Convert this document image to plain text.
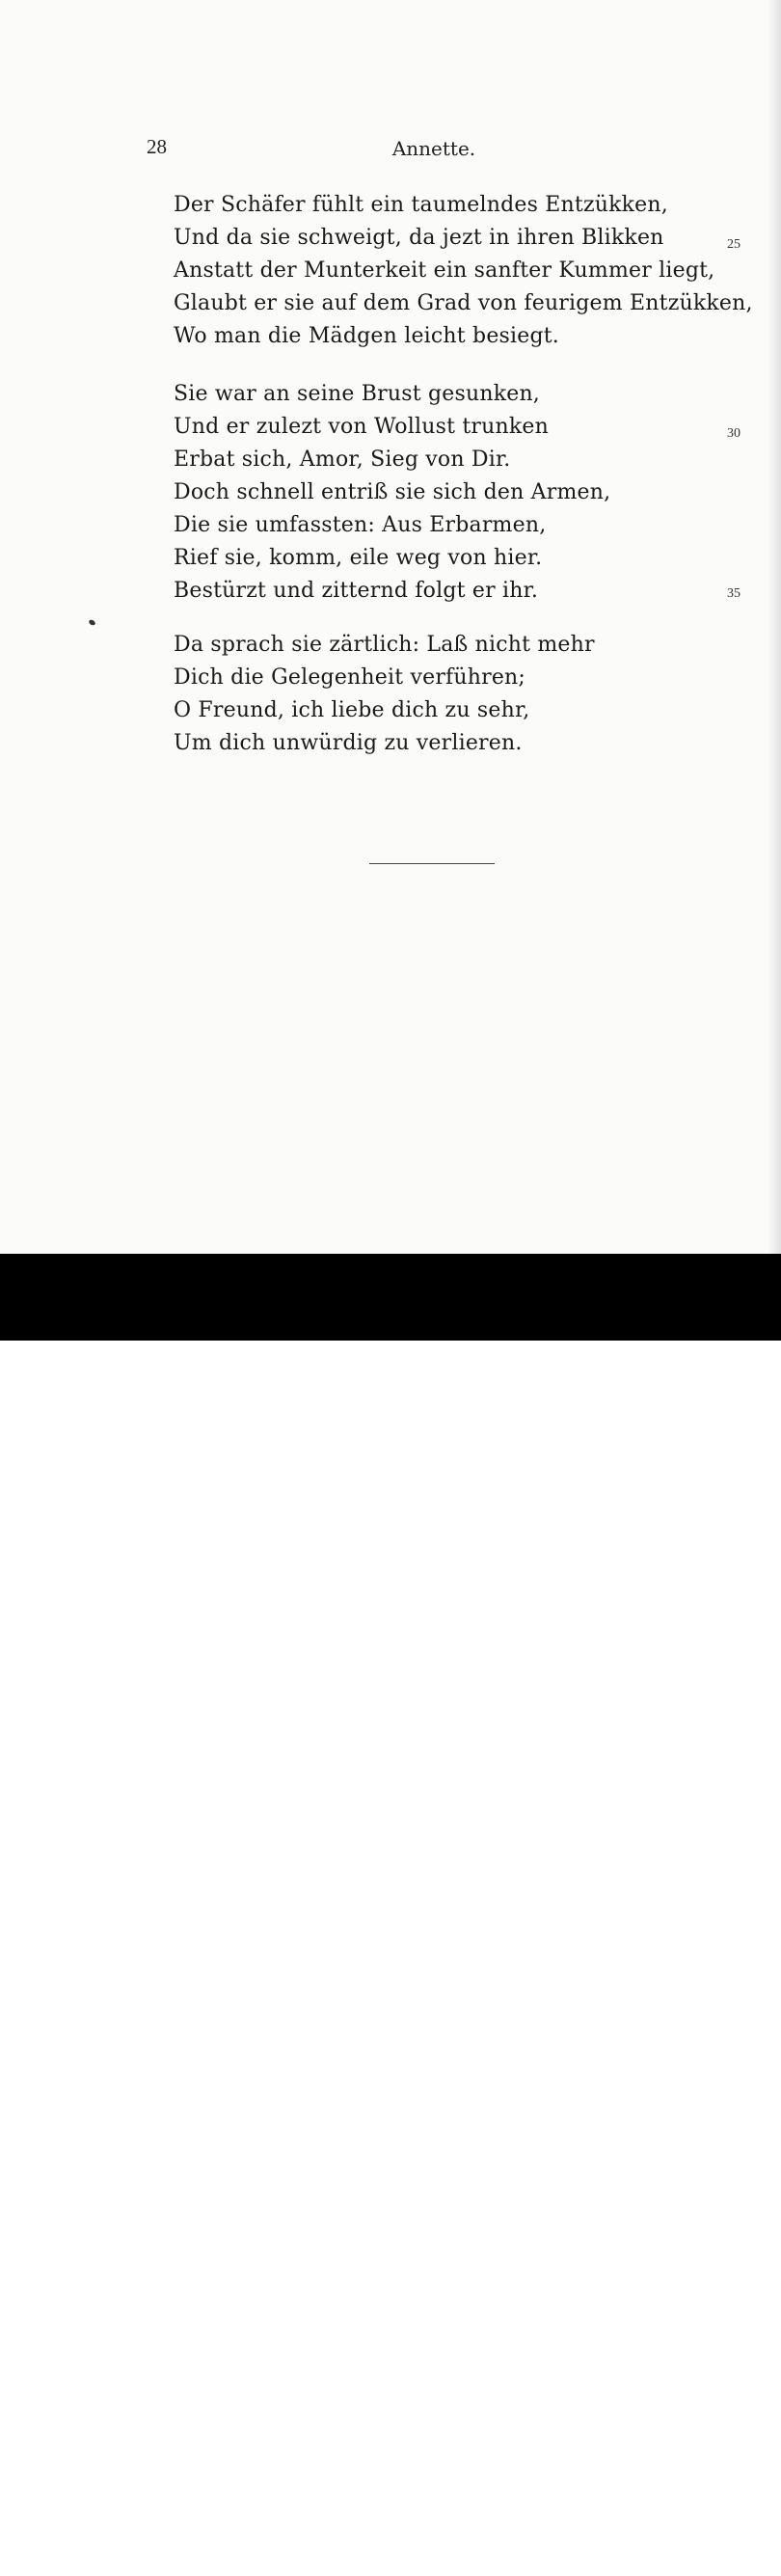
28	Annette.
Der Schäfer fühlt ein taumelndes Entzükken,
Und da sie schweigt, da jezt in ihren Blikken
Anstatt der Munterkeit ein sanfter Kummer liegt,
Glaubt er sie auf dem Grad von feurigem Entzükken,
Wo man die Mädgen leicht besiegt.
Sie war an seine Brust gesunken,
Und er zulezt von Wollust trunken
Erbat sich, Amor, Sieg von Dir.
Doch schnell entriß sie sich den Armen,
Die sie umfassten: Aus Erbarmen,
Rief sie, komm, eile weg von hier.
Bestürzt und zitternd folgt er ihr.
Da sprach sie zärtlich: Laß nicht mehr
Dich die Gelegenheit verführen;
O Freund, ich liebe dich zu sehr,
Um dich unwürdig zu verlieren.
25
30
35
alamy	JE8HP8
www.alamy.com
